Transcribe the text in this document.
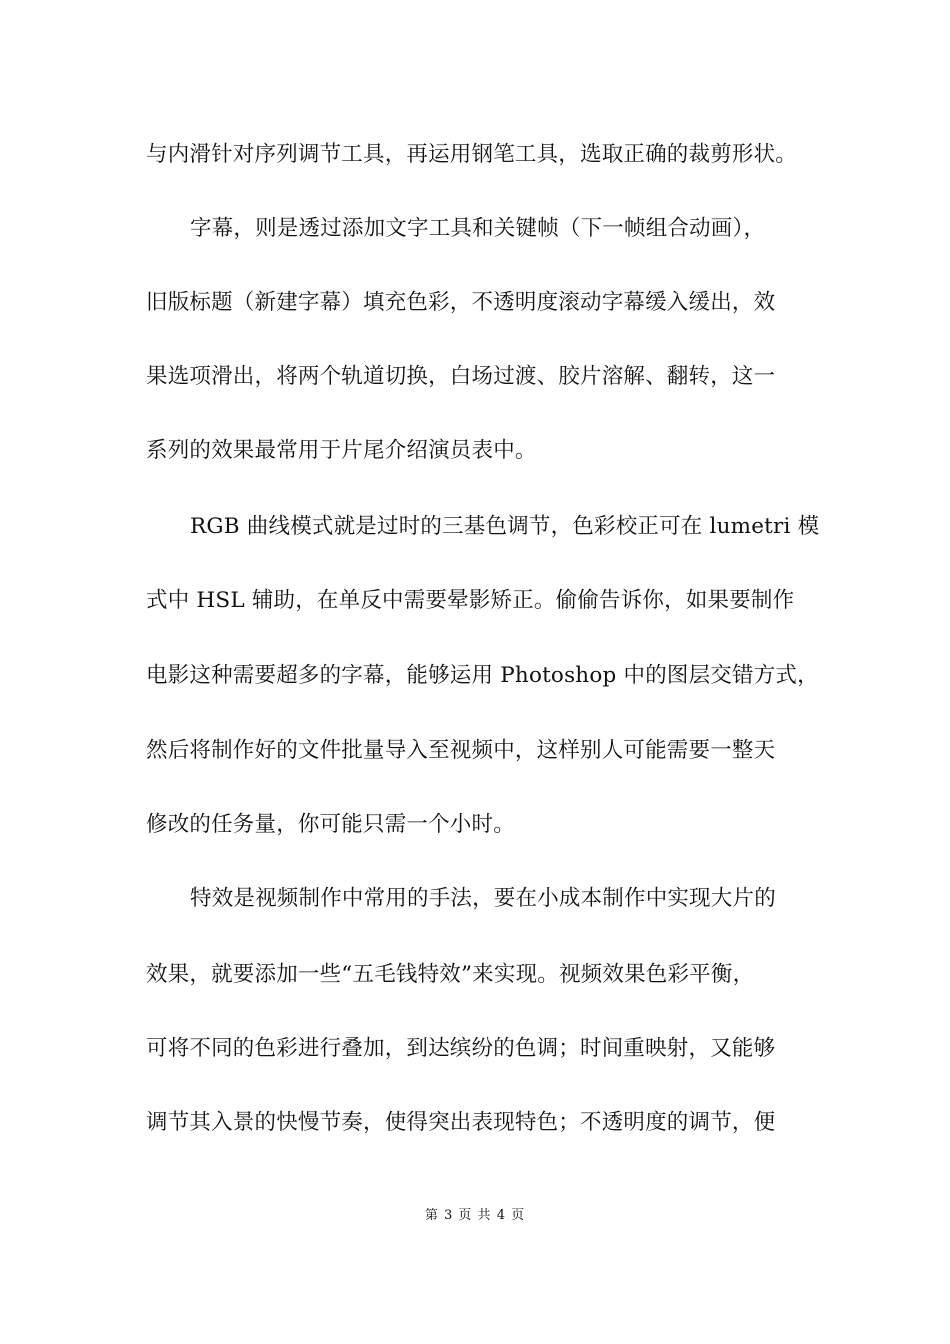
与内滑针对序列调节工具，再运用钢笔工具，选取正确的裁剪形状。
字幕，则是透过添加文字工具和关键帧（下一帧组合动画），
旧版标题（新建字幕）填充色彩，不透明度滚动字幕缓入缓出，效
果选项滑出，将两个轨道切换，白场过渡、胶片溶解、翻转，这一
系列的效果最常用于片尾介绍演员表中。
RGB 曲线模式就是过时的三基色调节，色彩校正可在 lumetri 模
式中 HSL 辅助，在单反中需要晕影矫正。偷偷告诉你，如果要制作
电影这种需要超多的字幕，能够运用 Photoshop 中的图层交错方式，
然后将制作好的文件批量导入至视频中，这样别人可能需要一整天
修改的任务量，你可能只需一个小时。
特效是视频制作中常用的手法，要在小成本制作中实现大片的
效果，就要添加一些“五毛钱特效”来实现。视频效果色彩平衡，
可将不同的色彩进行叠加，到达缤纷的色调；时间重映射，又能够
调节其入景的快慢节奏，使得突出表现特色；不透明度的调节，便
第 3 页 共 4 页
